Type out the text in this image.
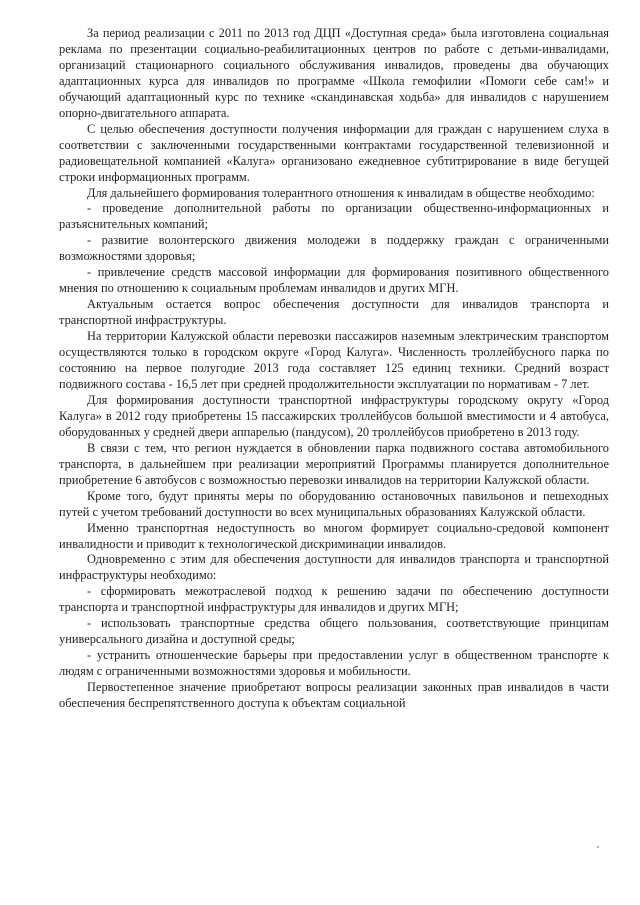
За период реализации с 2011 по 2013 год ДЦП «Доступная среда» была изготовлена социальная реклама по презентации социально-реабилитационных центров по работе с детьми-инвалидами, организаций стационарного социального обслуживания инвалидов, проведены два обучающих адаптационных курса для инвалидов по программе «Школа гемофилии «Помоги себе сам!» и обучающий адаптационный курс по технике «скандинавская ходьба» для инвалидов с нарушением опорно-двигательного аппарата.

С целью обеспечения доступности получения информации для граждан с нарушением слуха в соответствии с заключенными государственными контрактами государственной телевизионной и радиовещательной компанией «Калуга» организовано ежедневное субтитрирование в виде бегущей строки информационных программ.

Для дальнейшего формирования толерантного отношения к инвалидам в обществе необходимо:

- проведение дополнительной работы по организации общественно-информационных и разъяснительных компаний;

- развитие волонтерского движения молодежи в поддержку граждан с ограниченными возможностями здоровья;

- привлечение средств массовой информации для формирования позитивного общественного мнения по отношению к социальным проблемам инвалидов и других МГН.

Актуальным остается вопрос обеспечения доступности для инвалидов транспорта и транспортной инфраструктуры.

На территории Калужской области перевозки пассажиров наземным электрическим транспортом осуществляются только в городском округе «Город Калуга». Численность троллейбусного парка по состоянию на первое полугодие 2013 года составляет 125 единиц техники. Средний возраст подвижного состава - 16,5 лет при средней продолжительности эксплуатации по нормативам - 7 лет.

Для формирования доступности транспортной инфраструктуры городскому округу «Город Калуга» в 2012 году приобретены 15 пассажирских троллейбусов большой вместимости и 4 автобуса, оборудованных у средней двери аппарелью (пандусом), 20 троллейбусов приобретено в 2013 году.

В связи с тем, что регион нуждается в обновлении парка подвижного состава автомобильного транспорта, в дальнейшем при реализации мероприятий Программы планируется дополнительное приобретение 6 автобусов с возможностью перевозки инвалидов на территории Калужской области.

Кроме того, будут приняты меры по оборудованию остановочных павильонов и пешеходных путей с учетом требований доступности во всех муниципальных образованиях Калужской области.

Именно транспортная недоступность во многом формирует социально-средовой компонент инвалидности и приводит к технологической дискриминации инвалидов.

Одновременно с этим для обеспечения доступности для инвалидов транспорта и транспортной инфраструктуры необходимо:

- сформировать межотраслевой подход к решению задачи по обеспечению доступности транспорта и транспортной инфраструктуры для инвалидов и других МГН;

- использовать транспортные средства общего пользования, соответствующие принципам универсального дизайна и доступной среды;

- устранить отношенческие барьеры при предоставлении услуг в общественном транспорте к людям с ограниченными возможностями здоровья и мобильности.

Первостепенное значение приобретают вопросы реализации законных прав инвалидов в части обеспечения беспрепятственного доступа к объектам социальной
